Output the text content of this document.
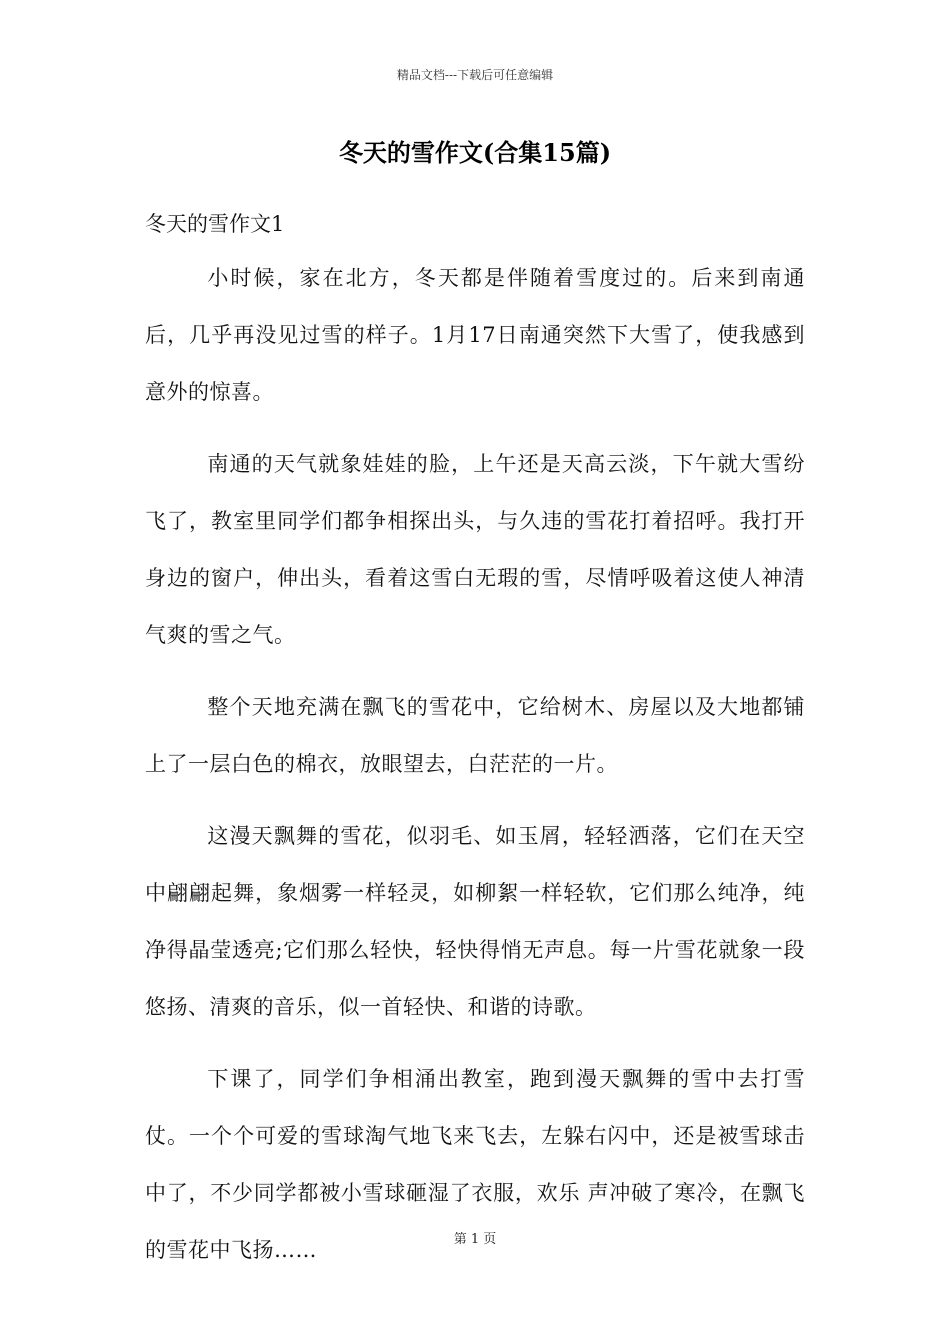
精品文档---下载后可任意编辑
冬天的雪作文(合集15篇)
冬天的雪作文1

小时候，家在北方，冬天都是伴随着雪度过的。后来到南通后，几乎再没见过雪的样子。1月17日南通突然下大雪了，使我感到意外的惊喜。

南通的天气就象娃娃的脸，上午还是天高云淡，下午就大雪纷飞了，教室里同学们都争相探出头，与久违的雪花打着招呼。我打开身边的窗户，伸出头，看着这雪白无瑕的雪，尽情呼吸着这使人神清气爽的雪之气。

整个天地充满在飘飞的雪花中，它给树木、房屋以及大地都铺上了一层白色的棉衣，放眼望去，白茫茫的一片。

这漫天飘舞的雪花，似羽毛、如玉屑，轻轻洒落，它们在天空中翩翩起舞，象烟雾一样轻灵，如柳絮一样轻软，它们那么纯净，纯净得晶莹透亮;它们那么轻快，轻快得悄无声息。每一片雪花就象一段悠扬、清爽的音乐，似一首轻快、和谐的诗歌。

下课了，同学们争相涌出教室，跑到漫天飘舞的雪中去打雪仗。一个个可爱的雪球淘气地飞来飞去，左躲右闪中，还是被雪球击中了，不少同学都被小雪球砸湿了衣服，欢乐 声冲破了寒冷，在飘飞的雪花中飞扬……	第 1 页
